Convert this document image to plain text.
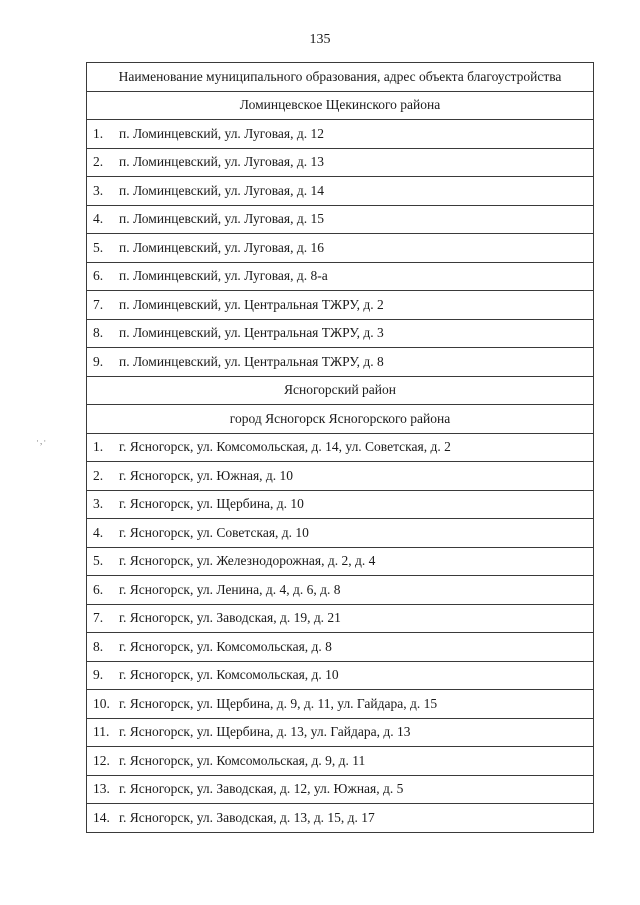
135
·,·
Наименование муниципального образования, адрес объекта благоустройства
Ломинцевское Щекинского района
1. п. Ломинцевский, ул. Луговая, д. 12
2. п. Ломинцевский, ул. Луговая, д. 13
3. п. Ломинцевский, ул. Луговая, д. 14
4. п. Ломинцевский, ул. Луговая, д. 15
5. п. Ломинцевский, ул. Луговая, д. 16
6. п. Ломинцевский, ул. Луговая, д. 8-а
7. п. Ломинцевский, ул. Центральная ТЖРУ, д. 2
8. п. Ломинцевский, ул. Центральная ТЖРУ, д. 3
9. п. Ломинцевский, ул. Центральная ТЖРУ, д. 8
Ясногорский район
город Ясногорск Ясногорского района
1. г. Ясногорск, ул. Комсомольская, д. 14, ул. Советская, д. 2
2. г. Ясногорск, ул. Южная, д. 10
3. г. Ясногорск, ул. Щербина, д. 10
4. г. Ясногорск, ул. Советская, д. 10
5. г. Ясногорск, ул. Железнодорожная, д. 2, д. 4
6. г. Ясногорск, ул. Ленина, д. 4, д. 6, д. 8
7. г. Ясногорск, ул. Заводская, д. 19, д. 21
8. г. Ясногорск, ул. Комсомольская, д. 8
9. г. Ясногорск, ул. Комсомольская, д. 10
10. г. Ясногорск, ул. Щербина, д. 9, д. 11, ул. Гайдара, д. 15
11. г. Ясногорск, ул. Щербина, д. 13, ул. Гайдара, д. 13
12. г. Ясногорск, ул. Комсомольская, д. 9, д. 11
13. г. Ясногорск, ул. Заводская, д. 12, ул. Южная, д. 5
14. г. Ясногорск, ул. Заводская, д. 13, д. 15, д. 17
